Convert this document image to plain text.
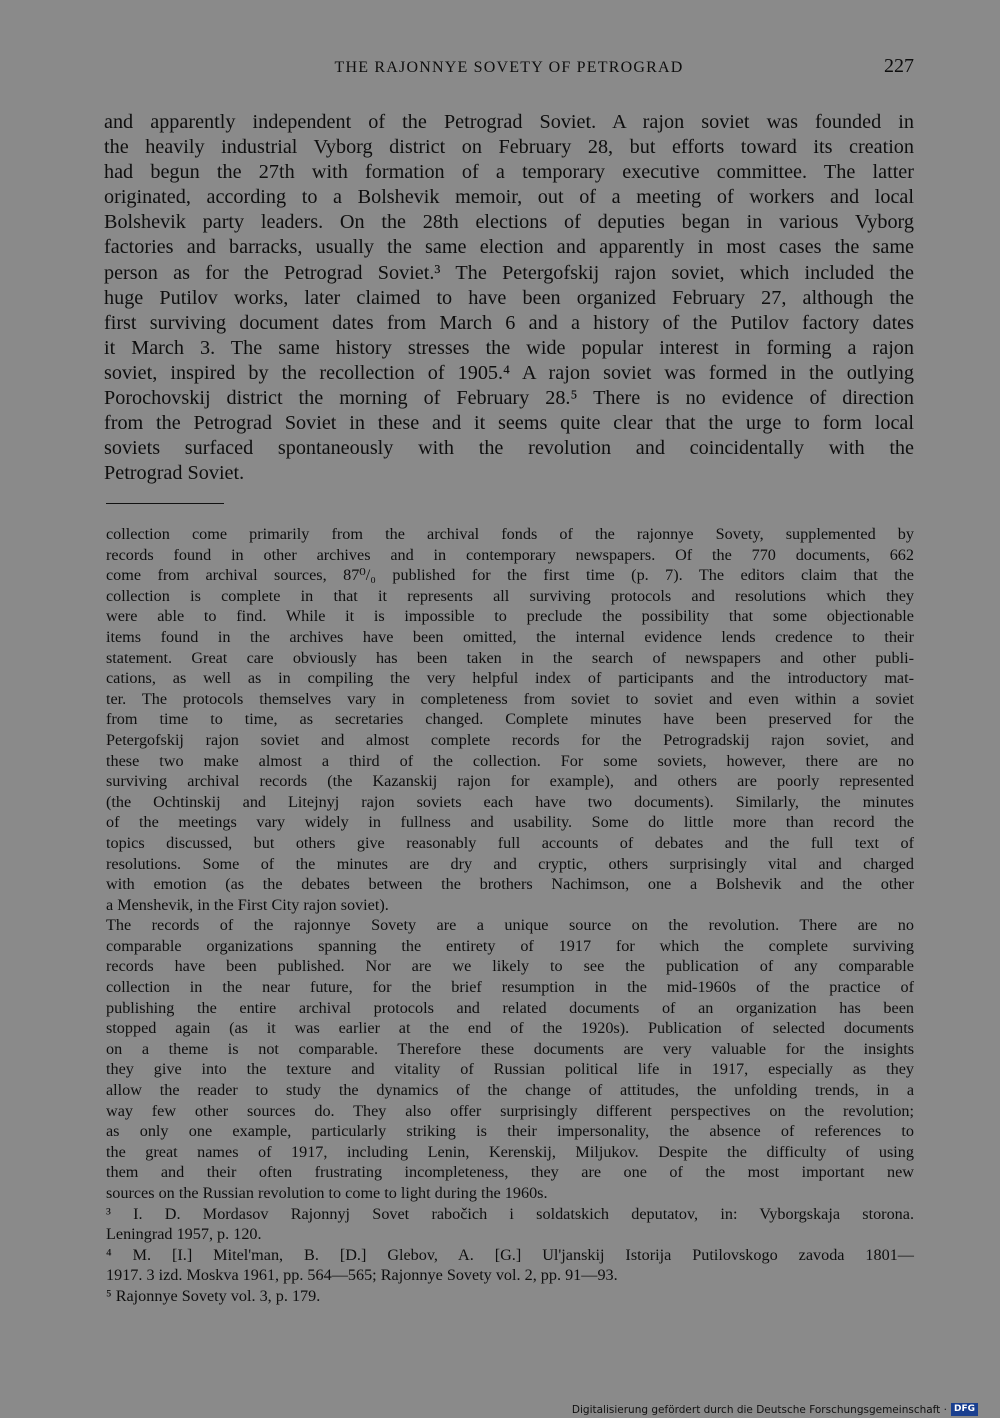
THE RAJONNYE SOVETY OF PETROGRAD	227
and apparently independent of the Petrograd Soviet. A rajon soviet was founded in
the heavily industrial Vyborg district on February 28, but efforts toward its creation
had begun the 27th with formation of a temporary executive committee. The latter
originated, according to a Bolshevik memoir, out of a meeting of workers and local
Bolshevik party leaders. On the 28th elections of deputies began in various Vyborg
factories and barracks, usually the same election and apparently in most cases the same
person as for the Petrograd Soviet.³ The Petergofskij rajon soviet, which included the
huge Putilov works, later claimed to have been organized February 27, although the
first surviving document dates from March 6 and a history of the Putilov factory dates
it March 3. The same history stresses the wide popular interest in forming a rajon
soviet, inspired by the recollection of 1905.⁴ A rajon soviet was formed in the outlying
Porochovskij district the morning of February 28.⁵ There is no evidence of direction
from the Petrograd Soviet in these and it seems quite clear that the urge to form local
soviets surfaced spontaneously with the revolution and coincidentally with the
Petrograd Soviet.
collection come primarily from the archival fonds of the rajonnye Sovety, supplemented by
records found in other archives and in contemporary newspapers. Of the 770 documents, 662
come from archival sources, 87⁰/₀ published for the first time (p. 7). The editors claim that the
collection is complete in that it represents all surviving protocols and resolutions which they
were able to find. While it is impossible to preclude the possibility that some objectionable
items found in the archives have been omitted, the internal evidence lends credence to their
statement. Great care obviously has been taken in the search of newspapers and other publi-
cations, as well as in compiling the very helpful index of participants and the introductory mat-
ter. The protocols themselves vary in completeness from soviet to soviet and even within a soviet
from time to time, as secretaries changed. Complete minutes have been preserved for the
Petergofskij rajon soviet and almost complete records for the Petrogradskij rajon soviet, and
these two make almost a third of the collection. For some soviets, however, there are no
surviving archival records (the Kazanskij rajon for example), and others are poorly represented
(the Ochtinskij and Litejnyj rajon soviets each have two documents). Similarly, the minutes
of the meetings vary widely in fullness and usability. Some do little more than record the
topics discussed, but others give reasonably full accounts of debates and the full text of
resolutions. Some of the minutes are dry and cryptic, others surprisingly vital and charged
with emotion (as the debates between the brothers Nachimson, one a Bolshevik and the other
a Menshevik, in the First City rajon soviet).
The records of the rajonnye Sovety are a unique source on the revolution. There are no
comparable organizations spanning the entirety of 1917 for which the complete surviving
records have been published. Nor are we likely to see the publication of any comparable
collection in the near future, for the brief resumption in the mid-1960s of the practice of
publishing the entire archival protocols and related documents of an organization has been
stopped again (as it was earlier at the end of the 1920s). Publication of selected documents
on a theme is not comparable. Therefore these documents are very valuable for the insights
they give into the texture and vitality of Russian political life in 1917, especially as they
allow the reader to study the dynamics of the change of attitudes, the unfolding trends, in a
way few other sources do. They also offer surprisingly different perspectives on the revolution;
as only one example, particularly striking is their impersonality, the absence of references to
the great names of 1917, including Lenin, Kerenskij, Miljukov. Despite the difficulty of using
them and their often frustrating incompleteness, they are one of the most important new
sources on the Russian revolution to come to light during the 1960s.
³ I. D. Mordasov Rajonnyj Sovet rabočich i soldatskich deputatov, in: Vyborgskaja storona.
Leningrad 1957, p. 120.
⁴ M. [I.] Mitel'man, B. [D.] Glebov, A. [G.] Ul'janskij Istorija Putilovskogo zavoda 1801—
1917. 3 izd. Moskva 1961, pp. 564—565; Rajonnye Sovety vol. 2, pp. 91—93.
⁵ Rajonnye Sovety vol. 3, p. 179.
Digitalisierung gefördert durch die Deutsche Forschungsgemeinschaft · DFG
